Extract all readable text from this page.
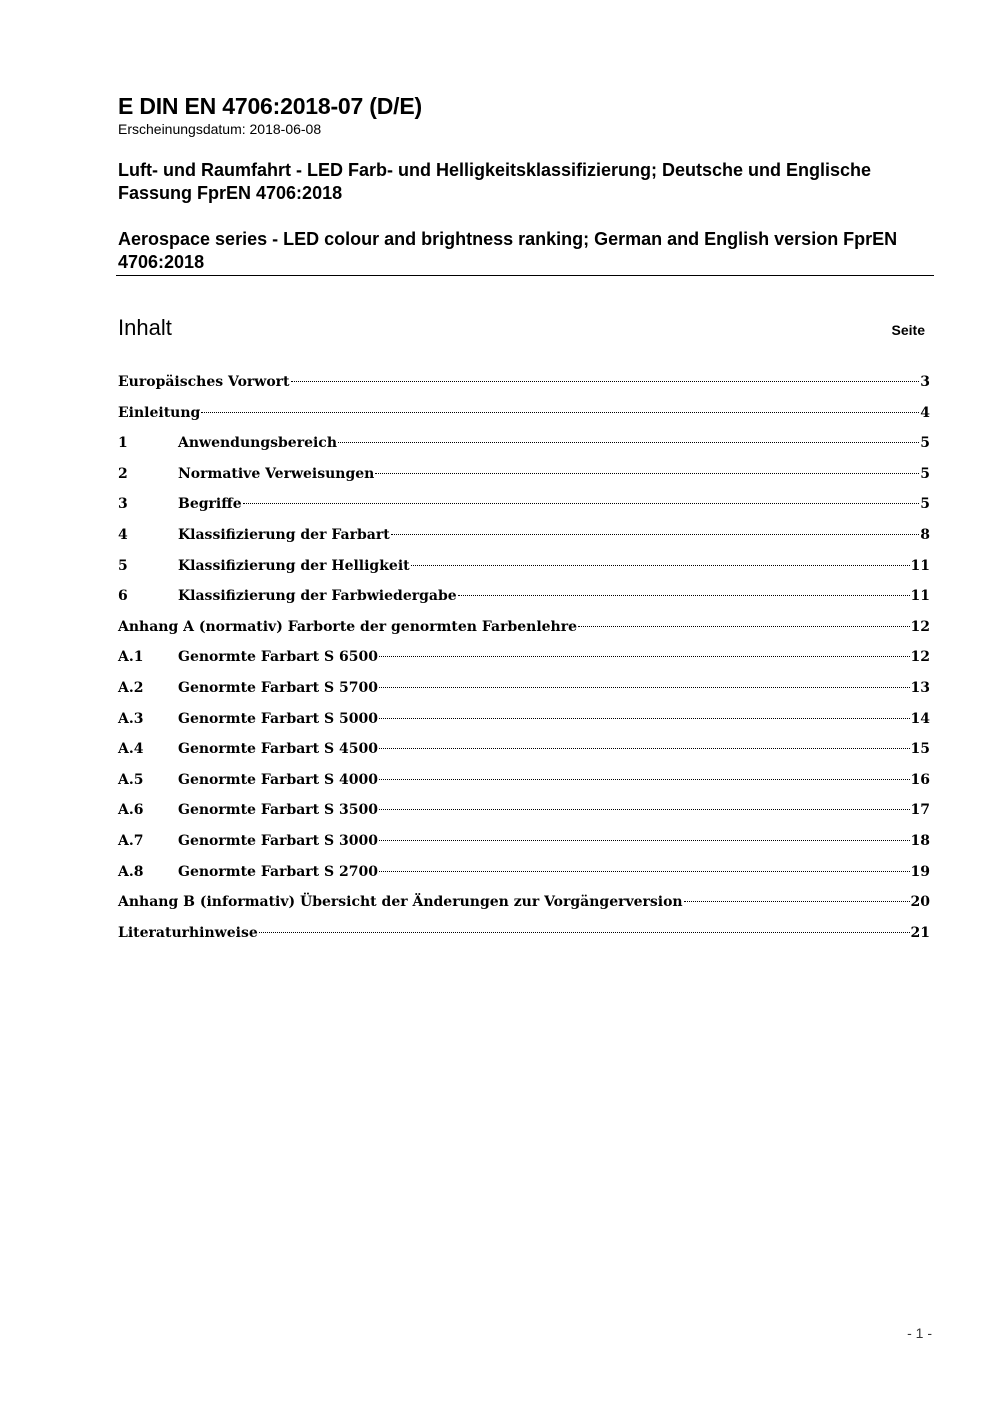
E DIN EN 4706:2018-07 (D/E)

Erscheinungsdatum: 2018-06-08

Luft- und Raumfahrt - LED Farb- und Helligkeitsklassifizierung; Deutsche und Englische Fassung FprEN 4706:2018

Aerospace series - LED colour and brightness ranking; German and English version FprEN 4706:2018

Inhalt	Seite
Europäisches Vorwort	3
Einleitung	4
1	Anwendungsbereich	5
2	Normative Verweisungen	5
3	Begriffe	5
4	Klassifizierung der Farbart	8
5	Klassifizierung der Helligkeit	11
6	Klassifizierung der Farbwiedergabe	11
Anhang A (normativ) Farborte der genormten Farbenlehre	12
A.1	Genormte Farbart S 6500	12
A.2	Genormte Farbart S 5700	13
A.3	Genormte Farbart S 5000	14
A.4	Genormte Farbart S 4500	15
A.5	Genormte Farbart S 4000	16
A.6	Genormte Farbart S 3500	17
A.7	Genormte Farbart S 3000	18
A.8	Genormte Farbart S 2700	19
Anhang B (informativ) Übersicht der Änderungen zur Vorgängerversion	20
Literaturhinweise	21
- 1 -
